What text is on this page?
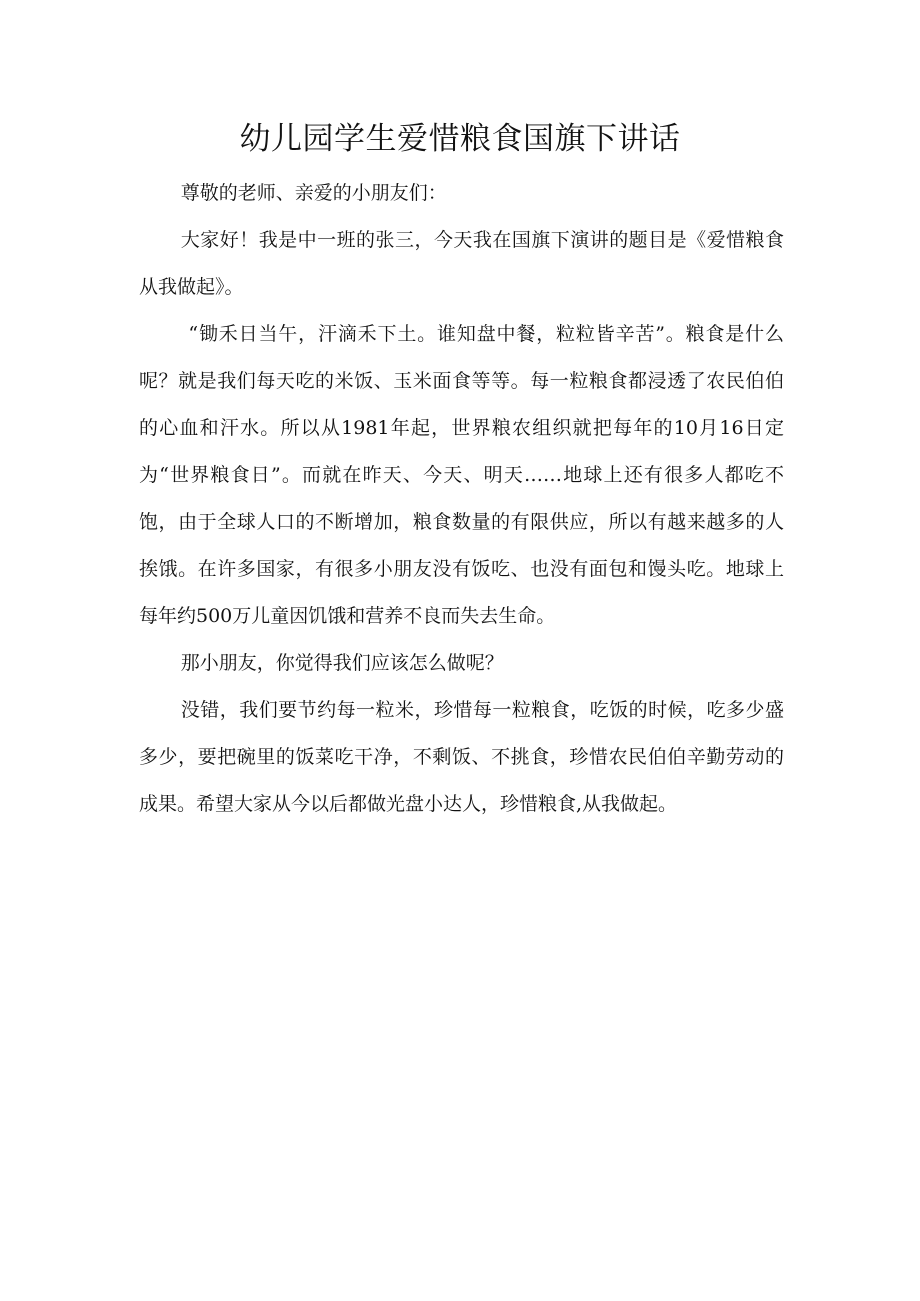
幼儿园学生爱惜粮食国旗下讲话

尊敬的老师、亲爱的小朋友们：

大家好！我是中一班的张三，今天我在国旗下演讲的题目是《爱惜粮食从我做起》。

“锄禾日当午，汗滴禾下土。谁知盘中餐，粒粒皆辛苦”。粮食是什么呢？就是我们每天吃的米饭、玉米面食等等。每一粒粮食都浸透了农民伯伯的心血和汗水。所以从1981年起，世界粮农组织就把每年的10月16日定为“世界粮食日”。而就在昨天、今天、明天……地球上还有很多人都吃不饱，由于全球人口的不断增加，粮食数量的有限供应，所以有越来越多的人挨饿。在许多国家，有很多小朋友没有饭吃、也没有面包和馒头吃。地球上每年约500万儿童因饥饿和营养不良而失去生命。

那小朋友，你觉得我们应该怎么做呢？

没错，我们要节约每一粒米，珍惜每一粒粮食，吃饭的时候，吃多少盛多少，要把碗里的饭菜吃干净，不剩饭、不挑食，珍惜农民伯伯辛勤劳动的成果。希望大家从今以后都做光盘小达人，珍惜粮食,从我做起。
